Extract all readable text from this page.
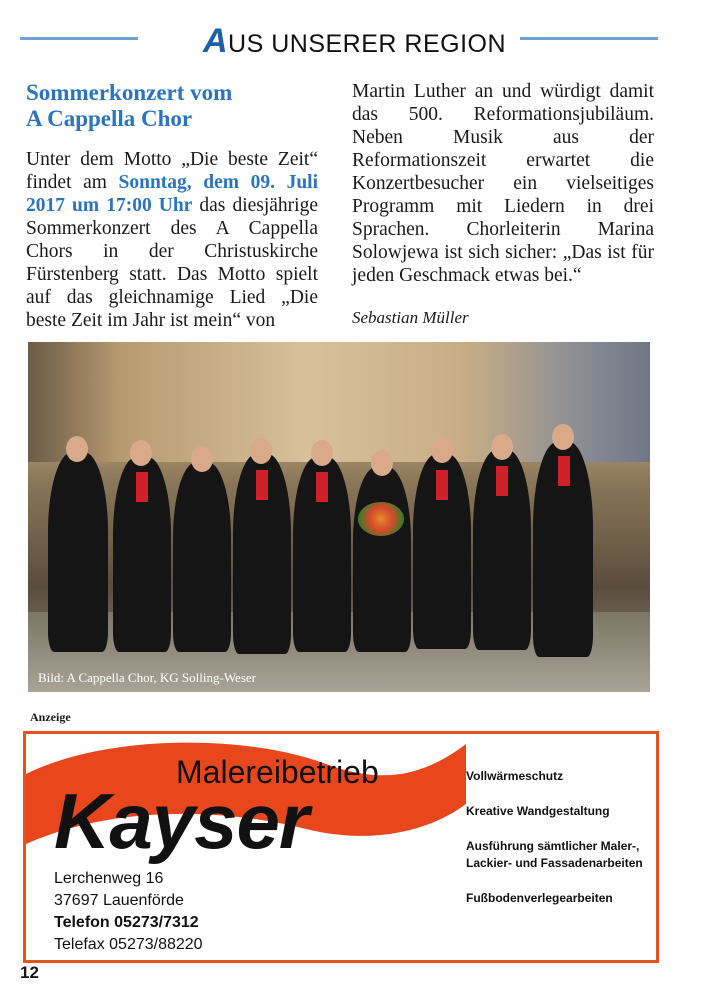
AUS UNSERER REGION
Sommerkonzert vom
A Cappella Chor

Unter dem Motto „Die beste Zeit“ findet am Sonntag, dem 09. Juli 2017 um 17:00 Uhr das diesjährige Sommerkonzert des A Cappella Chors in der Christuskirche Fürstenberg statt. Das Motto spielt auf das gleichnamige Lied „Die beste Zeit im Jahr ist mein“ von

Martin Luther an und würdigt damit das 500. Reformationsjubiläum. Neben Musik aus der Reformationszeit erwartet die Konzertbesucher ein vielseitiges Programm mit Liedern in drei Sprachen. Chorleiterin Marina Solowjewa ist sich sicher: „Das ist für jeden Geschmack etwas bei.“

Sebastian Müller

Bild: A Cappella Chor, KG Solling-Weser
Anzeige
Malereibetrieb
Kayser
Lerchenweg 16
37697 Lauenförde
Telefon 05273/7312
Telefax 05273/88220
Vollwärmeschutz
Kreative Wandgestaltung
Ausführung sämtlicher Maler-, Lackier- und Fassadenarbeiten
Fußbodenverlegearbeiten
12
